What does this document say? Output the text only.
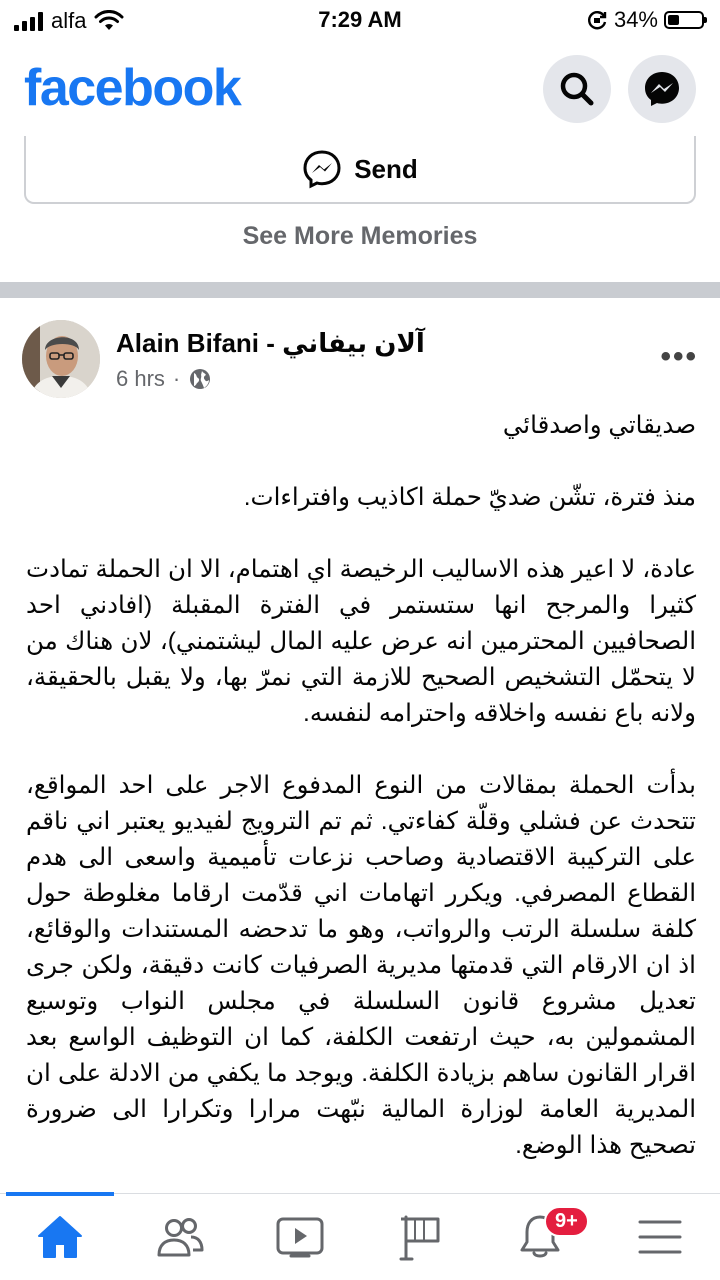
alfa	7:29 AM	34%
facebook
Send
See More Memories
Alain Bifani - آلان بيفاني
6 hrs ·
•••

صديقاتي واصدقائي

منذ فترة، تشّن ضديّ حملة اكاذيب وافتراءات.

عادة، لا اعير هذه الاساليب الرخيصة اي اهتمام، الا ان الحملة تمادت كثيرا والمرجح انها ستستمر في الفترة المقبلة (افادني احد الصحافيين المحترمين انه عرض عليه المال ليشتمني)، لان هناك من لا يتحمّل التشخيص الصحيح للازمة التي نمرّ بها، ولا يقبل بالحقيقة، ولانه باع نفسه واخلاقه واحترامه لنفسه.

بدأت الحملة بمقالات من النوع المدفوع الاجر على احد المواقع، تتحدث عن فشلي وقلّة كفاءتي. ثم تم الترويج لفيديو يعتبر اني ناقم على التركيبة الاقتصادية وصاحب نزعات تأميمية واسعى الى هدم القطاع المصرفي. ويكرر اتهامات اني قدّمت ارقاما مغلوطة حول كلفة سلسلة الرتب والرواتب، وهو ما تدحضه المستندات والوقائع، اذ ان الارقام التي قدمتها مديرية الصرفيات كانت دقيقة، ولكن جرى تعديل مشروع قانون السلسلة في مجلس النواب وتوسيع المشمولين به، حيث ارتفعت الكلفة، كما ان التوظيف الواسع بعد اقرار القانون ساهم بزيادة الكلفة. ويوجد ما يكفي من الادلة على ان المديرية العامة لوزارة المالية نبّهت مرارا وتكرارا الى ضرورة تصحيح هذا الوضع.

9+
